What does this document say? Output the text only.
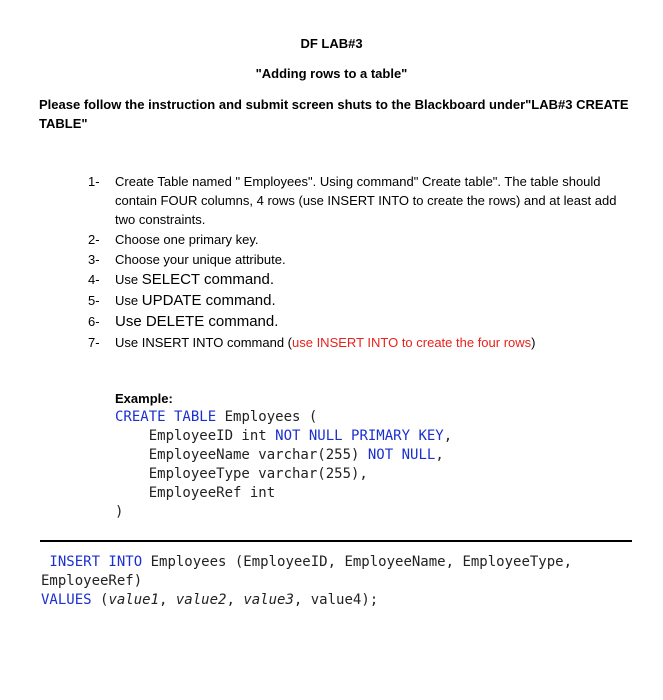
DF LAB#3
"Adding rows to a table"
Please follow the instruction and submit screen shuts to the Blackboard under"LAB#3 CREATE TABLE"
1- Create Table named " Employees". Using command" Create table". The table should contain FOUR columns, 4 rows (use INSERT INTO to create the rows) and at least add two constraints.
2- Choose one primary key.
3- Choose your unique attribute.
4- Use SELECT command.
5- Use UPDATE command.
6- Use DELETE command.
7- Use INSERT INTO command (use INSERT INTO to create the four rows)
Example:
CREATE TABLE Employees (
EmployeeID int NOT NULL PRIMARY KEY,
EmployeeName varchar(255) NOT NULL,
EmployeeType varchar(255),
EmployeeRef int
)
INSERT INTO Employees (EmployeeID, EmployeeName, EmployeeType,
EmployeeRef)
VALUES (value1, value2, value3, value4);
